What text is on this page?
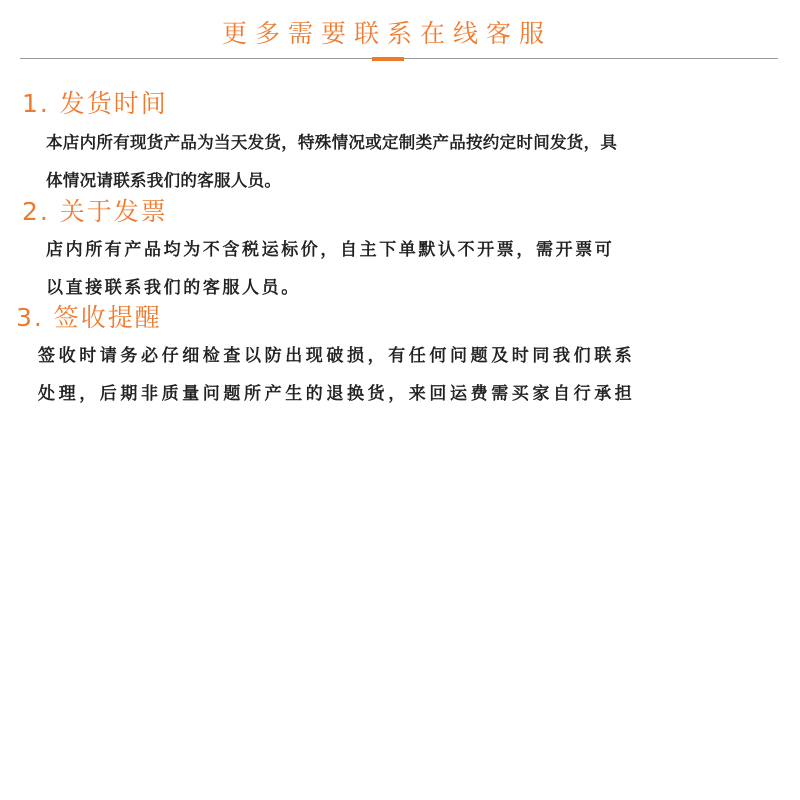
更多需要联系在线客服
1. 发货时间
本店内所有现货产品为当天发货，特殊情况或定制类产品按约定时间发货，具
体情况请联系我们的客服人员。
2. 关于发票
店内所有产品均为不含税运标价，自主下单默认不开票，需开票可
以直接联系我们的客服人员。
3. 签收提醒
签收时请务必仔细检查以防出现破损，有任何问题及时同我们联系
处理，后期非质量问题所产生的退换货，来回运费需买家自行承担
